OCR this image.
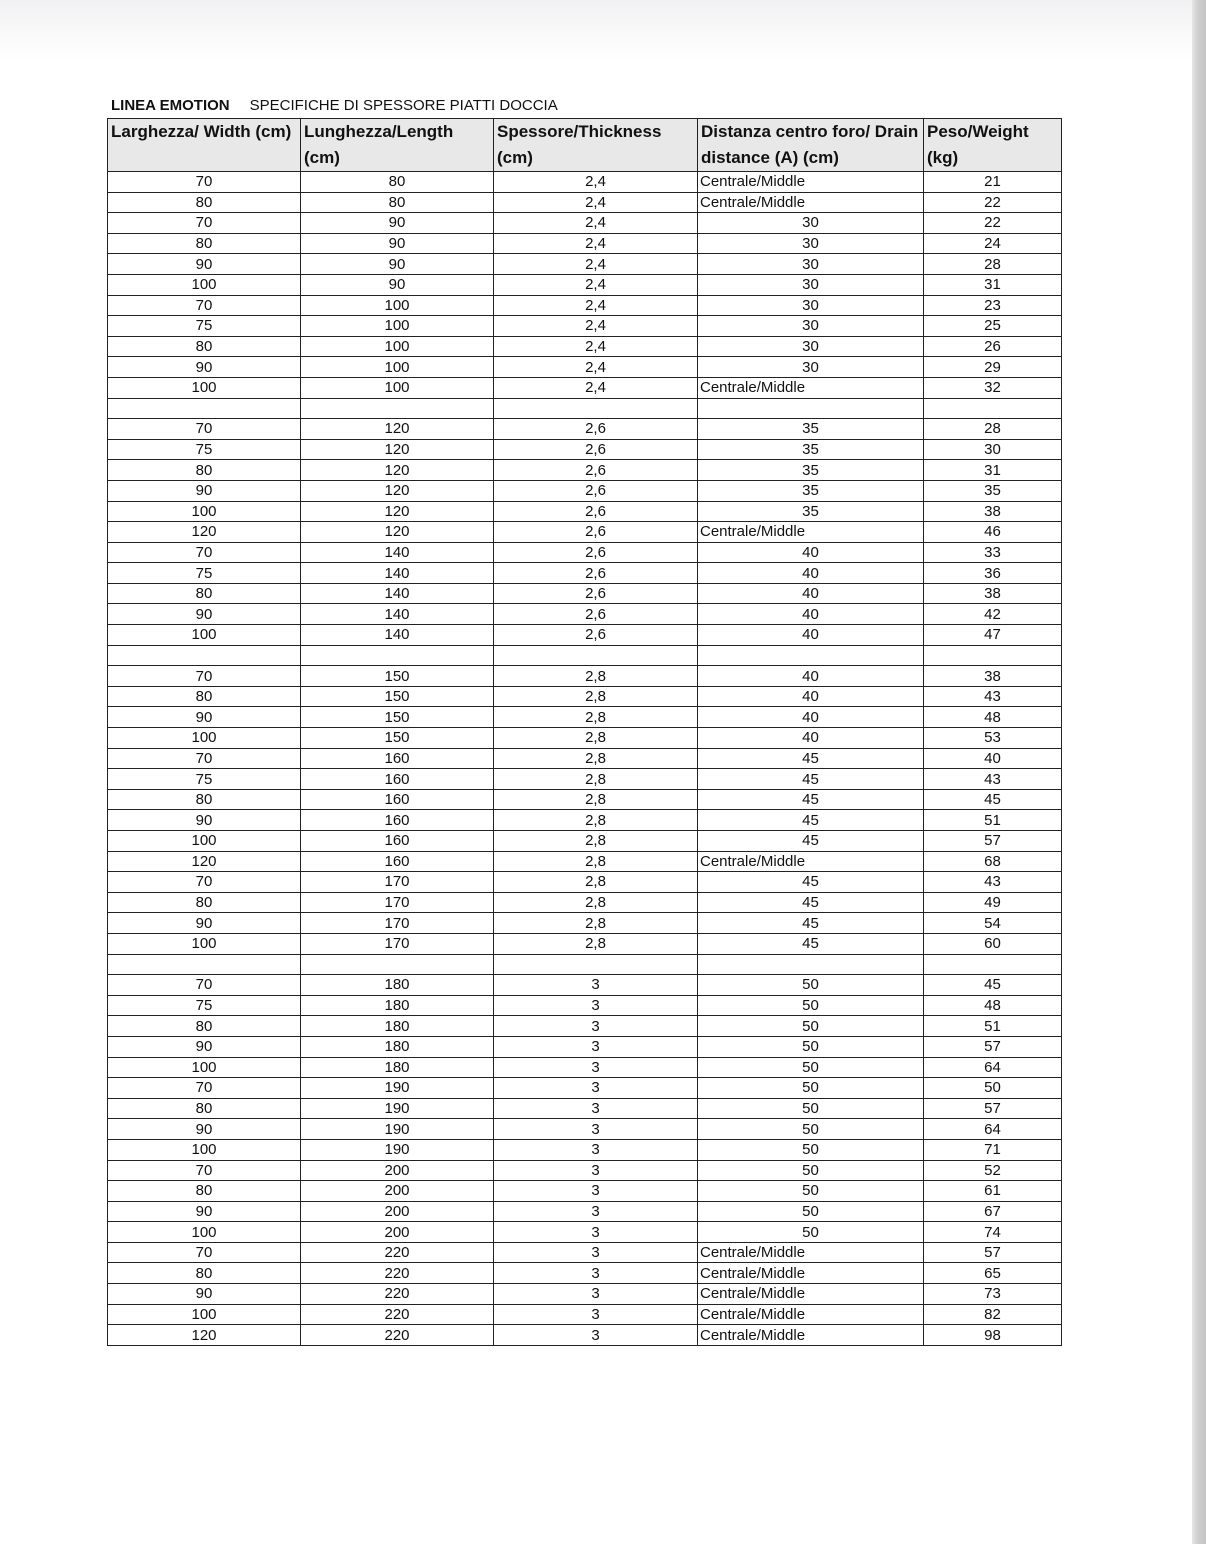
LINEA EMOTION SPECIFICHE DI SPESSORE PIATTI DOCCIA
Larghezza/ Width (cm)	Lunghezza/Length (cm)	Spessore/Thickness (cm)	Distanza centro foro/ Drain distance (A) (cm)	Peso/Weight (kg)
70	80	2,4	Centrale/Middle	21
80	80	2,4	Centrale/Middle	22
70	90	2,4	30	22
80	90	2,4	30	24
90	90	2,4	30	28
100	90	2,4	30	31
70	100	2,4	30	23
75	100	2,4	30	25
80	100	2,4	30	26
90	100	2,4	30	29
100	100	2,4	Centrale/Middle	32

70	120	2,6	35	28
75	120	2,6	35	30
80	120	2,6	35	31
90	120	2,6	35	35
100	120	2,6	35	38
120	120	2,6	Centrale/Middle	46
70	140	2,6	40	33
75	140	2,6	40	36
80	140	2,6	40	38
90	140	2,6	40	42
100	140	2,6	40	47

70	150	2,8	40	38
80	150	2,8	40	43
90	150	2,8	40	48
100	150	2,8	40	53
70	160	2,8	45	40
75	160	2,8	45	43
80	160	2,8	45	45
90	160	2,8	45	51
100	160	2,8	45	57
120	160	2,8	Centrale/Middle	68
70	170	2,8	45	43
80	170	2,8	45	49
90	170	2,8	45	54
100	170	2,8	45	60

70	180	3	50	45
75	180	3	50	48
80	180	3	50	51
90	180	3	50	57
100	180	3	50	64
70	190	3	50	50
80	190	3	50	57
90	190	3	50	64
100	190	3	50	71
70	200	3	50	52
80	200	3	50	61
90	200	3	50	67
100	200	3	50	74
70	220	3	Centrale/Middle	57
80	220	3	Centrale/Middle	65
90	220	3	Centrale/Middle	73
100	220	3	Centrale/Middle	82
120	220	3	Centrale/Middle	98
